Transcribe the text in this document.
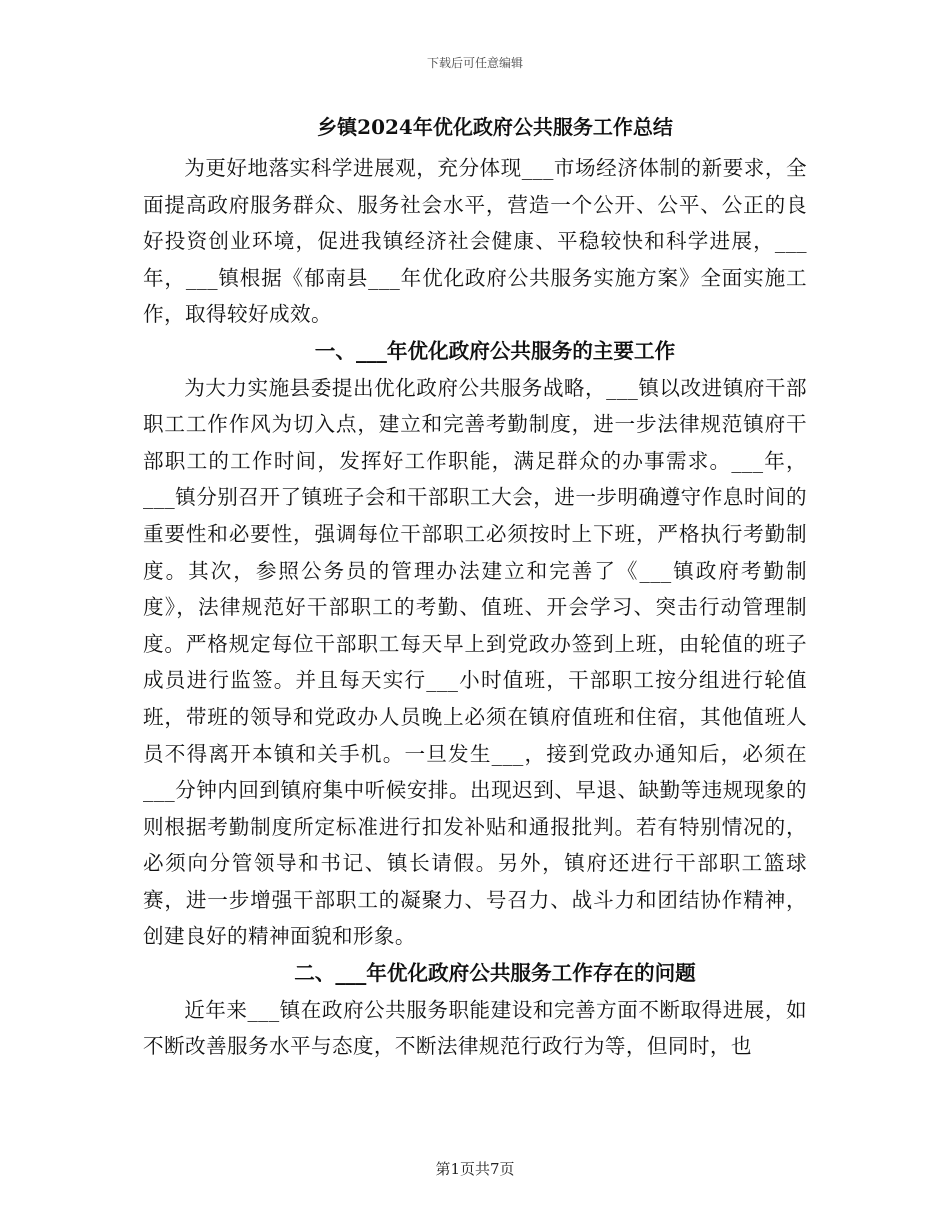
下载后可任意编辑
乡镇2024年优化政府公共服务工作总结

为更好地落实科学进展观，充分体现___市场经济体制的新要求，全面提高政府服务群众、服务社会水平，营造一个公开、公平、公正的良好投资创业环境，促进我镇经济社会健康、平稳较快和科学进展，___年，___镇根据《郁南县___年优化政府公共服务实施方案》全面实施工作，取得较好成效。

一、___年优化政府公共服务的主要工作

为大力实施县委提出优化政府公共服务战略，___镇以改进镇府干部职工工作作风为切入点，建立和完善考勤制度，进一步法律规范镇府干部职工的工作时间，发挥好工作职能，满足群众的办事需求。___年，___镇分别召开了镇班子会和干部职工大会，进一步明确遵守作息时间的重要性和必要性，强调每位干部职工必须按时上下班，严格执行考勤制度。其次，参照公务员的管理办法建立和完善了《___镇政府考勤制度》，法律规范好干部职工的考勤、值班、开会学习、突击行动管理制度。严格规定每位干部职工每天早上到党政办签到上班，由轮值的班子成员进行监签。并且每天实行___小时值班，干部职工按分组进行轮值班，带班的领导和党政办人员晚上必须在镇府值班和住宿，其他值班人员不得离开本镇和关手机。一旦发生___，接到党政办通知后，必须在___分钟内回到镇府集中听候安排。出现迟到、早退、缺勤等违规现象的则根据考勤制度所定标准进行扣发补贴和通报批判。若有特别情况的，必须向分管领导和书记、镇长请假。另外，镇府还进行干部职工篮球赛，进一步增强干部职工的凝聚力、号召力、战斗力和团结协作精神，创建良好的精神面貌和形象。

二、___年优化政府公共服务工作存在的问题

近年来___镇在政府公共服务职能建设和完善方面不断取得进展，如不断改善服务水平与态度，不断法律规范行政行为等，但同时，也

第1页共7页
